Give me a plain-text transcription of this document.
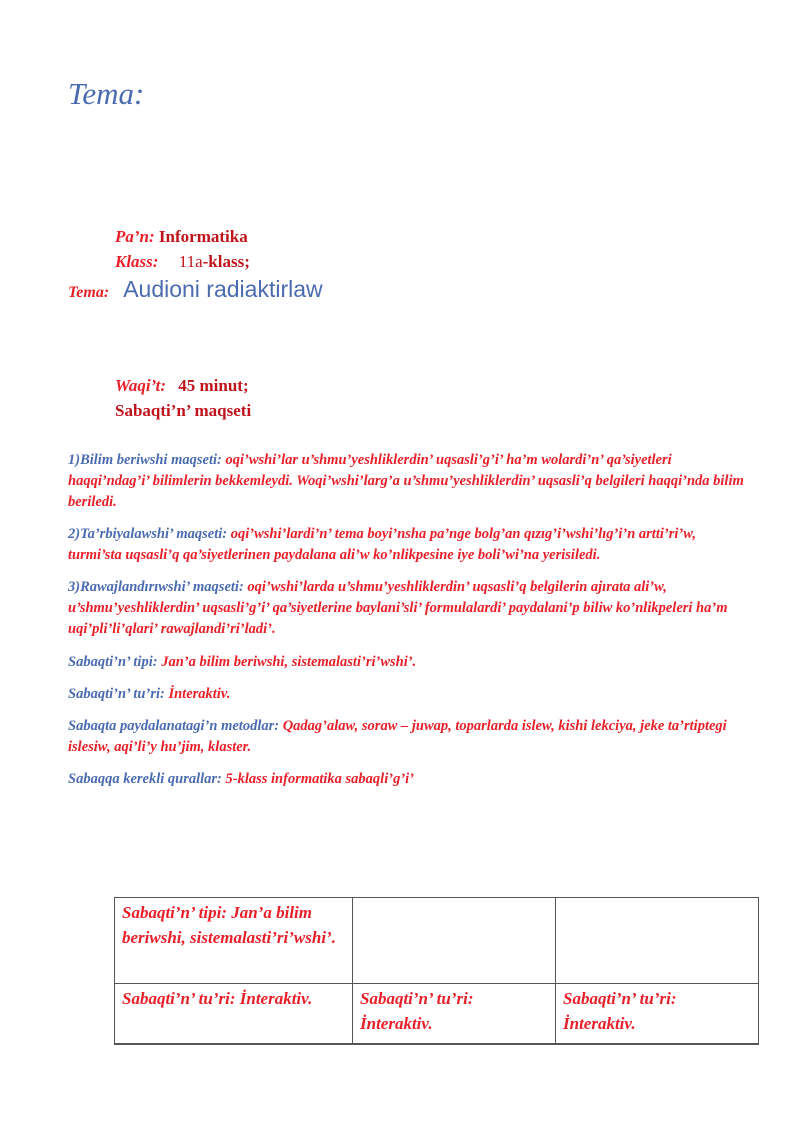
Tema:
Pa’n: Informatika
Klass: 11a-klass;
Tema: Audioni radiaktirlaw
Waqi’t: 45 minut;
Sabaqti’n’ maqseti
1)Bilim beriwshi maqseti: oqi’wshi’lar u’shmu’yeshliklerdin’ uqsasli’g’i’ ha’m wolardi’n’ qa’siyetleri haqqi’ndag’i’ bilimlerin bekkemleydi. Woqi’wshi’larg’a u’shmu’yeshliklerdin’ uqsasli’q belgileri haqqi’nda bilim beriledi.
2)Ta’rbiyalawshi’ maqseti: oqi’wshi’lardi’n’ tema boyi’nsha pa’nge bolg’an qızıg’i’wshi’lıg’i’n artti’ri’w, turmi’sta uqsasli’q qa’siyetlerinen paydalana ali’w ko’nlikpesine iye boli’wi’na yerisiledi.
3)Rawajlandırıwshi’ maqseti: oqi’wshi’larda u’shmu’yeshliklerdin’ uqsasli’q belgilerin ajırata ali’w, u’shmu’yeshliklerdin’ uqsasli’g’i’ qa’siyetlerine baylani’sli’ formulalardi’ paydalani’p biliw ko’nlikpeleri ha’m uqi’pli’li’qlari’ rawajlandi’ri’ladi’.
Sabaqti’n’ tipi: Jan’a bilim beriwshi, sistemalasti’ri’wshi’.
Sabaqti’n’ tu’ri: İnteraktiv.
Sabaqta paydalanatagi’n metodlar: Qadag’alaw, soraw – juwap, toparlarda islew, kishi lekciya, jeke ta’rtiptegi islesiw, aqi’li’y hu’jim, klaster.
Sabaqqa kerekli qurallar: 5-klass informatika sabaqli’g’i’
Sabaqti’n’ tipi: Jan’a bilim beriwshi, sistemalasti’ri’wshi’.		
Sabaqti’n’ tu’ri: İnteraktiv.	Sabaqti’n’ tu’ri: İnteraktiv.	Sabaqti’n’ tu’ri: İnteraktiv.
